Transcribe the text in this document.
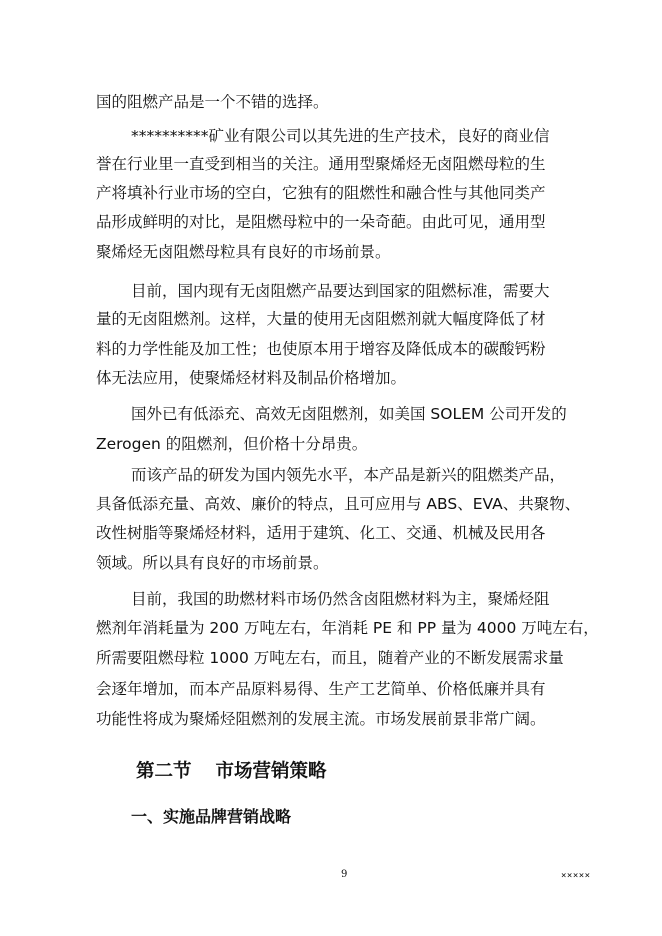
国的阻燃产品是一个不错的选择。

**********矿业有限公司以其先进的生产技术，良好的商业信

誉在行业里一直受到相当的关注。通用型聚烯烃无卤阻燃母粒的生

产将填补行业市场的空白，它独有的阻燃性和融合性与其他同类产

品形成鲜明的对比，是阻燃母粒中的一朵奇葩。由此可见，通用型

聚烯烃无卤阻燃母粒具有良好的市场前景。

目前，国内现有无卤阻燃产品要达到国家的阻燃标准，需要大

量的无卤阻燃剂。这样，大量的使用无卤阻燃剂就大幅度降低了材

料的力学性能及加工性；也使原本用于增容及降低成本的碳酸钙粉

体无法应用，使聚烯烃材料及制品价格增加。

国外已有低添充、高效无卤阻燃剂，如美国 SOLEM 公司开发的

Zerogen 的阻燃剂，但价格十分昂贵。

而该产品的研发为国内领先水平，本产品是新兴的阻燃类产品，

具备低添充量、高效、廉价的特点，且可应用与 ABS、EVA、共聚物、

改性树脂等聚烯烃材料，适用于建筑、化工、交通、机械及民用各

领域。所以具有良好的市场前景。

目前，我国的助燃材料市场仍然含卤阻燃材料为主，聚烯烃阻

燃剂年消耗量为 200 万吨左右，年消耗 PE 和 PP 量为 4000 万吨左右，

所需要阻燃母粒 1000 万吨左右，而且，随着产业的不断发展需求量

会逐年增加，而本产品原料易得、生产工艺简单、价格低廉并具有

功能性将成为聚烯烃阻燃剂的发展主流。市场发展前景非常广阔。

第二节 市场营销策略
一、实施品牌营销战略
9	×××××
